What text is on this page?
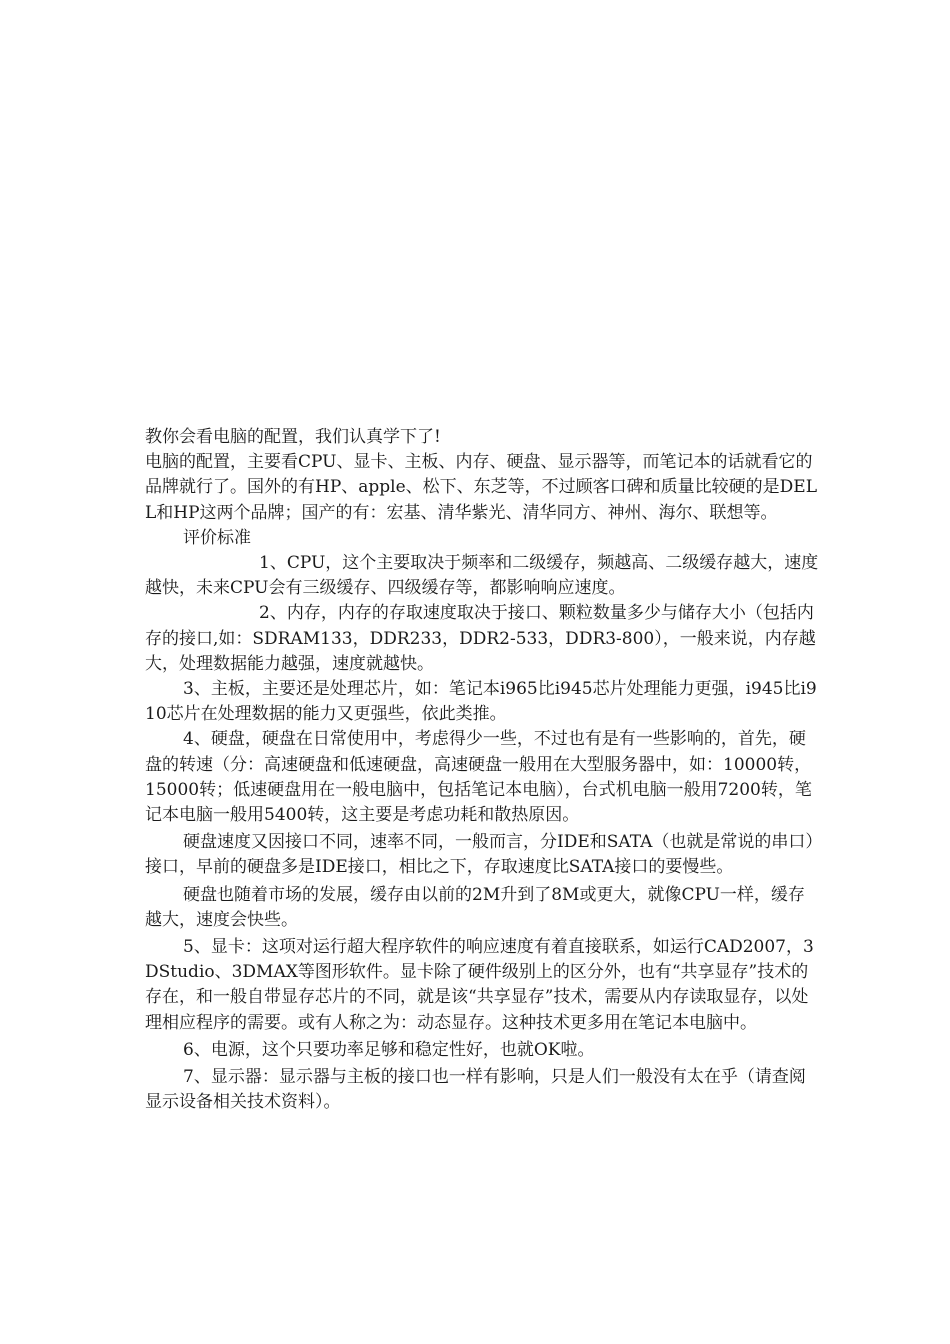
教你会看电脑的配置，我们认真学下了!

电脑的配置，主要看CPU、显卡、主板、内存、硬盘、显示器等，而笔记本的话就看它的品牌就行了。国外的有HP、apple、松下、东芝等，不过顾客口碑和质量比较硬的是DELL和HP这两个品牌；国产的有：宏基、清华紫光、清华同方、神州、海尔、联想等。

评价标准

1、CPU，这个主要取决于频率和二级缓存，频越高、二级缓存越大，速度越快，未来CPU会有三级缓存、四级缓存等，都影响响应速度。

2、内存，内存的存取速度取决于接口、颗粒数量多少与储存大小（包括内存的接口,如：SDRAM133，DDR233，DDR2-533，DDR3-800），一般来说，内存越大，处理数据能力越强，速度就越快。

3、主板，主要还是处理芯片，如：笔记本i965比i945芯片处理能力更强，i945比i910芯片在处理数据的能力又更强些，依此类推。

4、硬盘，硬盘在日常使用中，考虑得少一些，不过也有是有一些影响的，首先，硬盘的转速（分：高速硬盘和低速硬盘，高速硬盘一般用在大型服务器中，如：10000转，15000转；低速硬盘用在一般电脑中，包括笔记本电脑），台式机电脑一般用7200转，笔记本电脑一般用5400转，这主要是考虑功耗和散热原因。

硬盘速度又因接口不同，速率不同，一般而言，分IDE和SATA（也就是常说的串口）接口，早前的硬盘多是IDE接口，相比之下，存取速度比SATA接口的要慢些。

硬盘也随着市场的发展，缓存由以前的2M升到了8M或更大，就像CPU一样，缓存越大，速度会快些。

5、显卡：这项对运行超大程序软件的响应速度有着直接联系，如运行CAD2007，3DStudio、3DMAX等图形软件。显卡除了硬件级别上的区分外，也有“共享显存”技术的存在，和一般自带显存芯片的不同，就是该“共享显存”技术，需要从内存读取显存，以处理相应程序的需要。或有人称之为：动态显存。这种技术更多用在笔记本电脑中。

6、电源，这个只要功率足够和稳定性好，也就OK啦。

7、显示器：显示器与主板的接口也一样有影响，只是人们一般没有太在乎（请查阅显示设备相关技术资料）。
